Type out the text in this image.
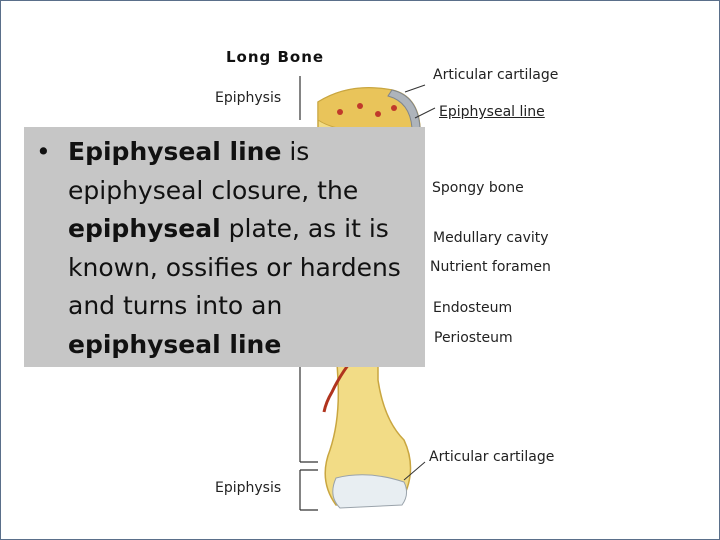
Long Bone
Epiphysis
Articular cartilage
Epiphyseal line
Spongy bone
Medullary cavity
Nutrient foramen
Endosteum
Periosteum
Articular cartilage
Epiphysis
• Epiphyseal line is epiphyseal closure, the epiphyseal plate, as it is known, ossifies or hardens and turns into an epiphyseal line
